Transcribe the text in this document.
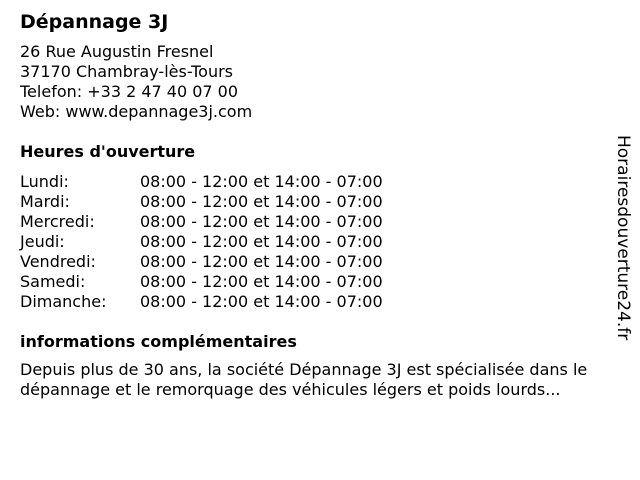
Dépannage 3J
26 Rue Augustin Fresnel
37170 Chambray-lès-Tours
Telefon: +33 2 47 40 07 00
Web: www.depannage3j.com
Heures d'ouverture
Lundi:	08:00 - 12:00 et 14:00 - 07:00
Mardi:	08:00 - 12:00 et 14:00 - 07:00
Mercredi:	08:00 - 12:00 et 14:00 - 07:00
Jeudi:	08:00 - 12:00 et 14:00 - 07:00
Vendredi:	08:00 - 12:00 et 14:00 - 07:00
Samedi:	08:00 - 12:00 et 14:00 - 07:00
Dimanche:	08:00 - 12:00 et 14:00 - 07:00
informations complémentaires
Depuis plus de 30 ans, la société Dépannage 3J est spécialisée dans le dépannage et le remorquage des véhicules légers et poids lourds...
Horairesdouverture24.fr
